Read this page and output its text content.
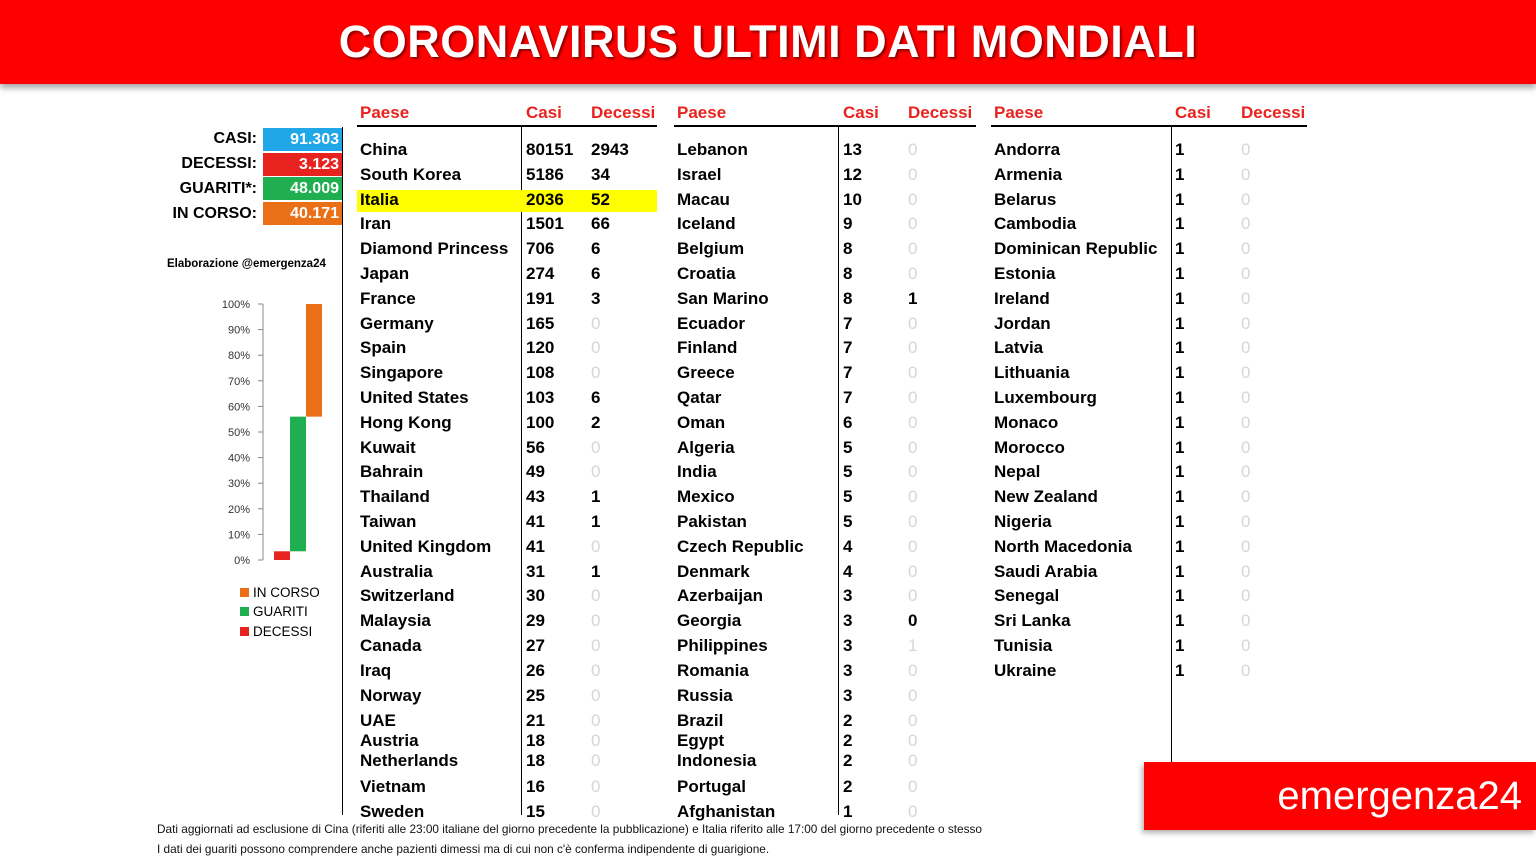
CORONAVIRUS ULTIMI DATI MONDIALI
CASI:	91.303
DECESSI:	3.123
GUARITI*:	48.009
IN CORSO:	40.171
Elaborazione @emergenza24
0%
10%
20%
30%
40%
50%
60%
70%
80%
90%
100%
IN CORSO
GUARITI
DECESSI
Paese	Casi Decessi
China	80151 2943
South Korea	5186 34
Italia	2036 52
Iran	1501 66
Diamond Princess 706 6
Japan	274 6
France	191 3
Germany	165 0
Spain	120 0
Singapore	108 0
United States	103 6
Hong Kong	100 2
Kuwait	56	0
Bahrain	49	0
Thailand	43	1
Taiwan	41	1
United Kingdom 41	0
Australia	31	1
Switzerland	30	0
Malaysia	29	0
Canada	27	0
Iraq	26	0
Norway	25	0
UAE	21	0
Austria	18	0
Netherlands	18	0
Vietnam	16	0
Sweden	15	0
Paese	Casi Decessi
Lebanon	13	0
Israel	12	0
Macau	10	0
Iceland	9	0
Belgium	8	0
Croatia	8	0
San Marino	8	1
Ecuador	7	0
Finland	7	0
Greece	7	0
Qatar	7	0
Oman	6	0
Algeria	5	0
India	5	0
Mexico	5	0
Pakistan	5	0
Czech Republic 4	0
Denmark	4	0
Azerbaijan	3	0
Georgia	3	0
Philippines	3	1
Romania	3	0
Russia	3	0
Brazil	2	0
Egypt	2	0
Indonesia	2	0
Portugal	2	0
Afghanistan	1	0
Paese	Casi Decessi
Andorra	1	0
Armenia	1	0
Belarus	1	0
Cambodia	1	0
Dominican Republic 1	0
Estonia	1	0
Ireland	1	0
Jordan	1	0
Latvia	1	0
Lithuania	1	0
Luxembourg	1	0
Monaco	1	0
Morocco	1	0
Nepal	1	0
New Zealand	1	0
Nigeria	1	0
North Macedonia	1	0
Saudi Arabia	1	0
Senegal	1	0
Sri Lanka	1	0
Tunisia	1	0
Ukraine	1	0
Dati aggiornati ad esclusione di Cina (riferiti alle 23:00 italiane del giorno precedente la pubblicazione) e Italia riferito alle 17:00 del giorno precedente o stesso
I dati dei guariti possono comprendere anche pazienti dimessi ma di cui non c'è conferma indipendente di guarigione.
emergenza24
